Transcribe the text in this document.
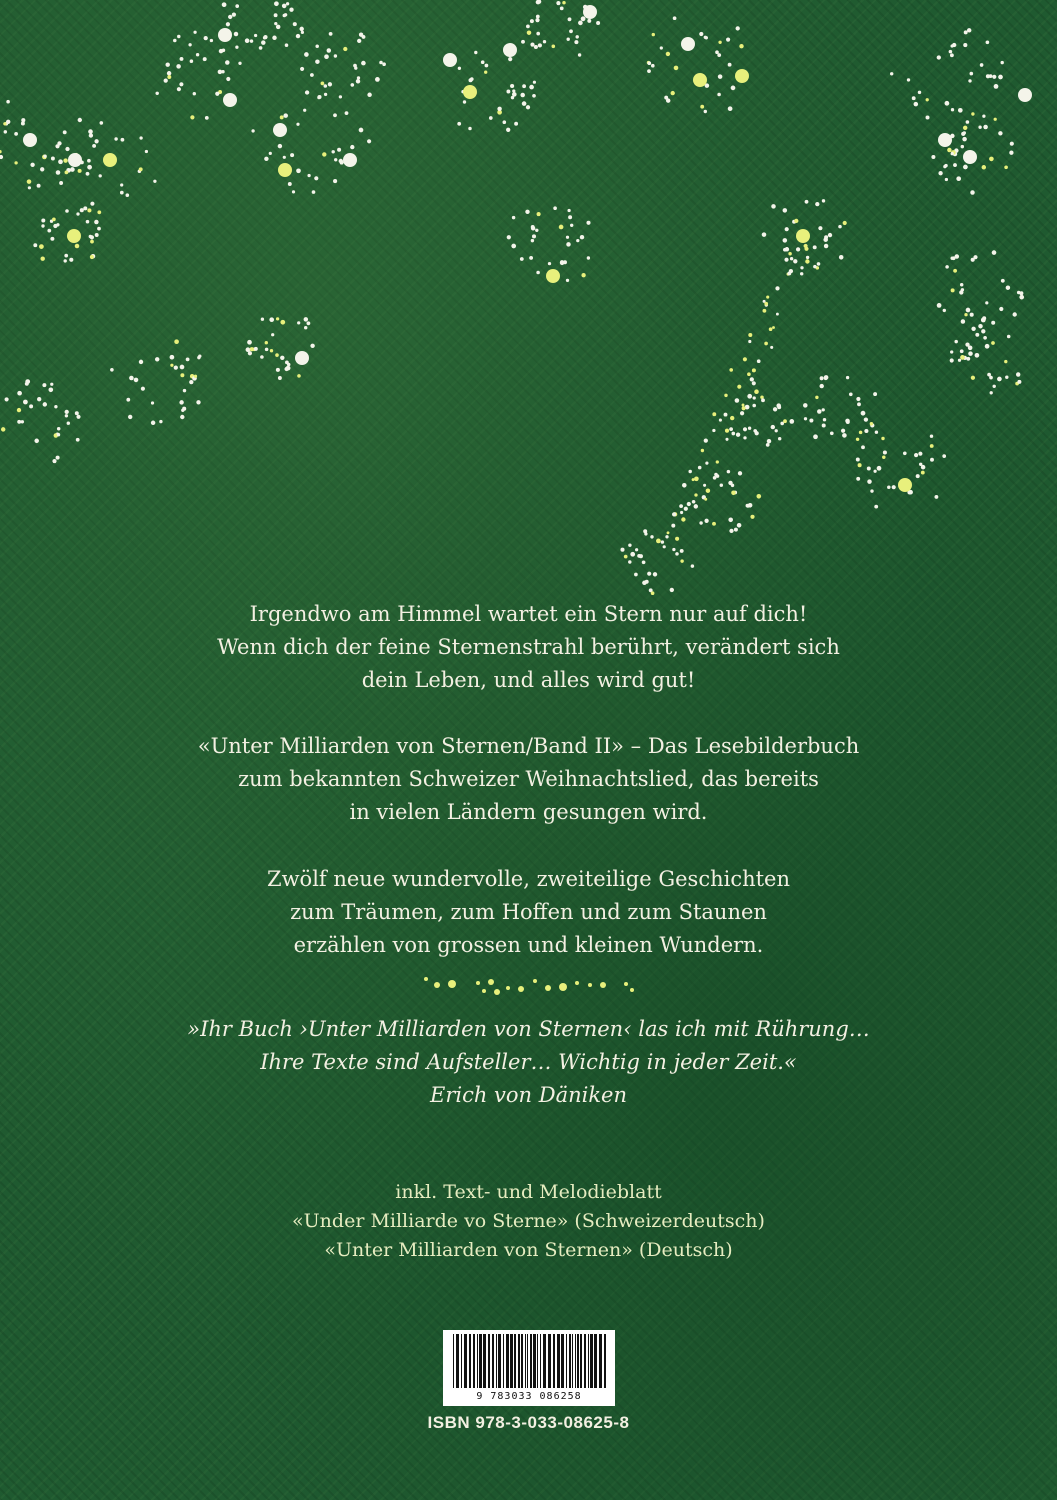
Irgendwo am Himmel wartet ein Stern nur auf dich!

Wenn dich der feine Sternenstrahl berührt, verändert sich

dein Leben, und alles wird gut!

«Unter Milliarden von Sternen/Band II» – Das Lesebilderbuch

zum bekannten Schweizer Weihnachtslied, das bereits

in vielen Ländern gesungen wird.

Zwölf neue wundervolle, zweiteilige Geschichten

zum Träumen, zum Hoffen und zum Staunen

erzählen von grossen und kleinen Wundern.

»Ihr Buch ›Unter Milliarden von Sternen‹ las ich mit Rührung…

Ihre Texte sind Aufsteller… Wichtig in jeder Zeit.«

Erich von Däniken

inkl. Text- und Melodieblatt

«Under Milliarde vo Sterne» (Schweizerdeutsch)

«Unter Milliarden von Sternen» (Deutsch)

9 783033 086258
ISBN 978-3-033-08625-8
